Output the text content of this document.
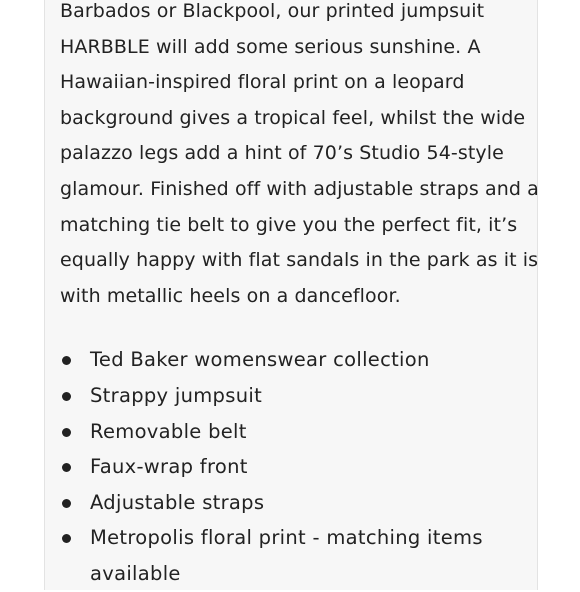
Barbados or Blackpool, our printed jumpsuit
HARBBLE will add some serious sunshine. A
Hawaiian-inspired floral print on a leopard
background gives a tropical feel, whilst the wide
palazzo legs add a hint of 70’s Studio 54-style
glamour. Finished off with adjustable straps and a
matching tie belt to give you the perfect fit, it’s
equally happy with flat sandals in the park as it is
with metallic heels on a dancefloor.

Ted Baker womenswear collection
Strappy jumpsuit
Removable belt
Faux-wrap front
Adjustable straps
Metropolis floral print - matching items available
